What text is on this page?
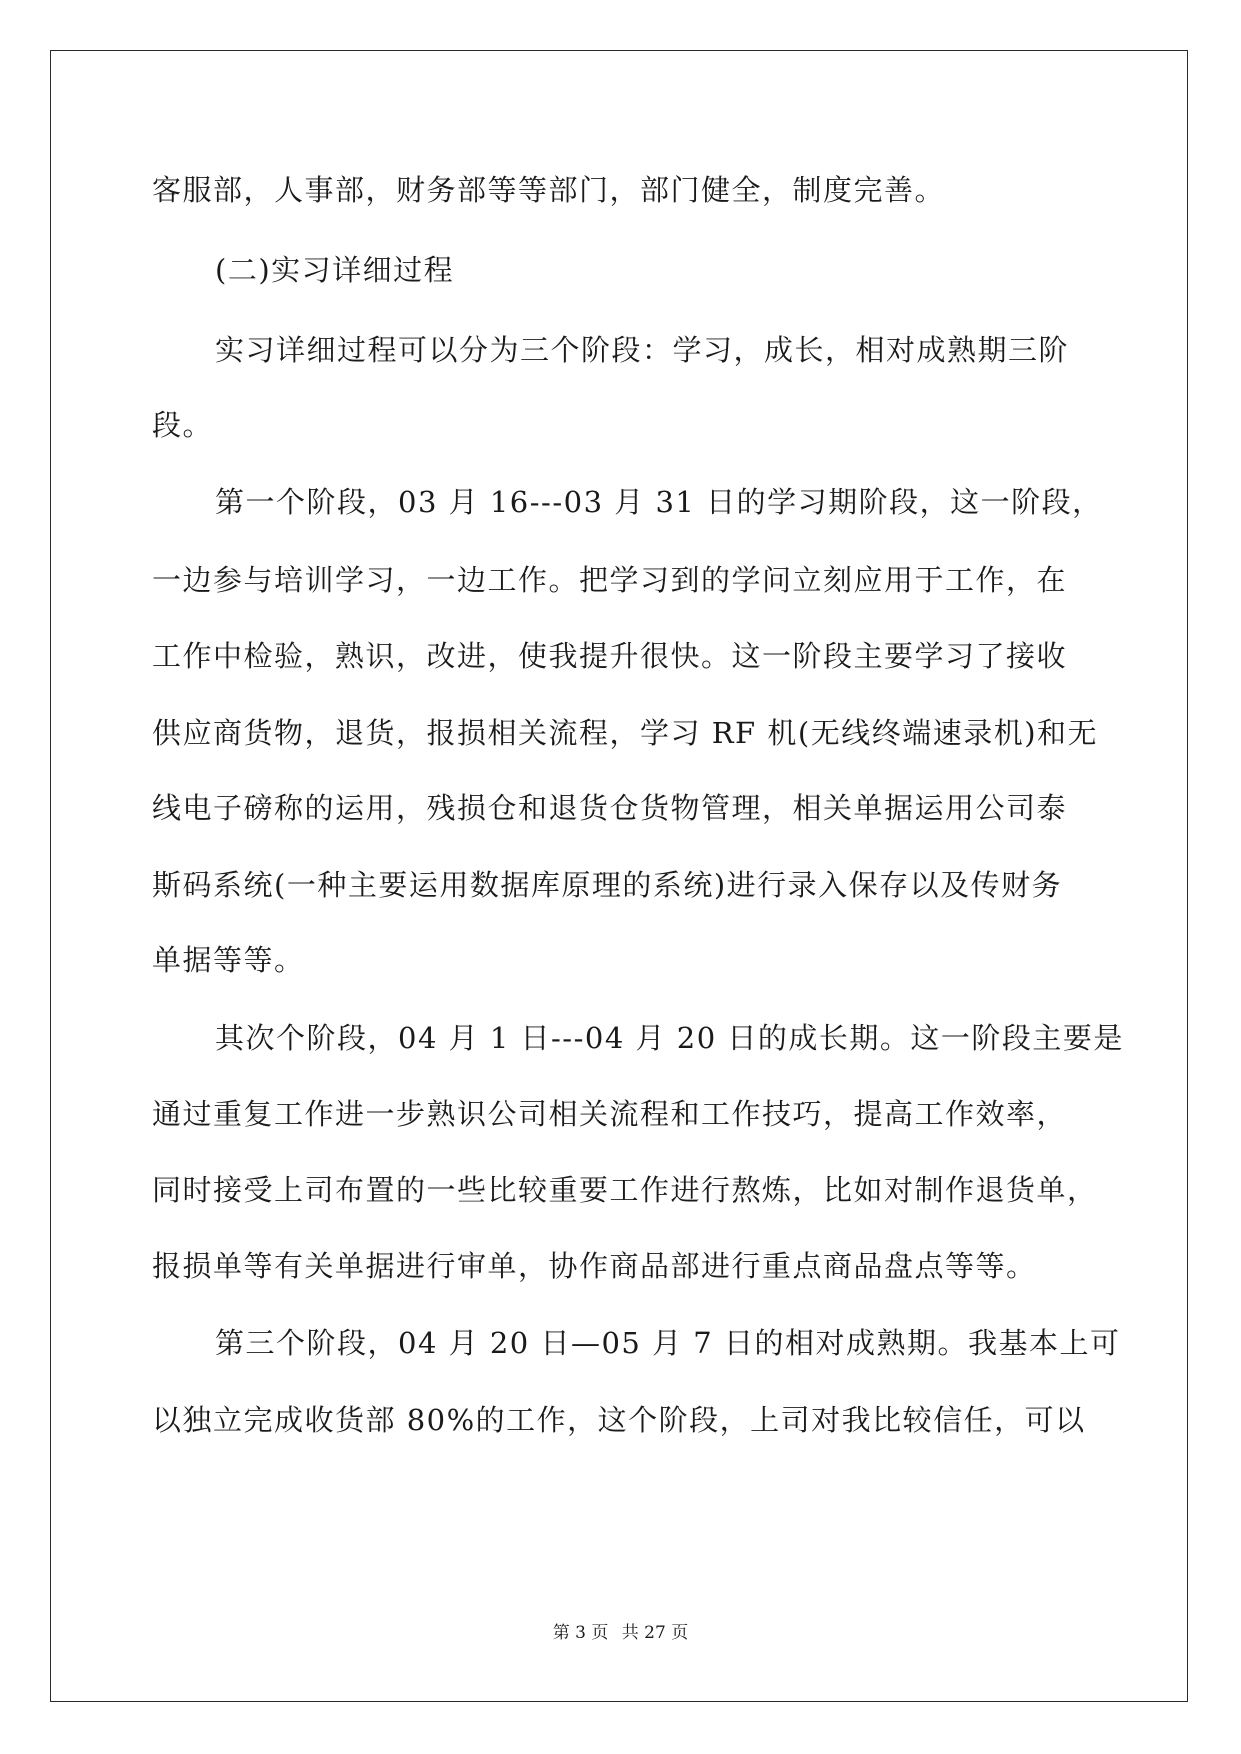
客服部，人事部，财务部等等部门，部门健全，制度完善。
(二)实习详细过程
实习详细过程可以分为三个阶段：学习，成长，相对成熟期三阶
段。
第一个阶段，03 月 16---03 月 31 日的学习期阶段，这一阶段，
一边参与培训学习，一边工作。把学习到的学问立刻应用于工作，在
工作中检验，熟识，改进，使我提升很快。这一阶段主要学习了接收
供应商货物，退货，报损相关流程，学习 RF 机(无线终端速录机)和无
线电子磅称的运用，残损仓和退货仓货物管理，相关单据运用公司泰
斯码系统(一种主要运用数据库原理的系统)进行录入保存以及传财务
单据等等。
其次个阶段，04 月 1 日---04 月 20 日的成长期。这一阶段主要是
通过重复工作进一步熟识公司相关流程和工作技巧，提高工作效率，
同时接受上司布置的一些比较重要工作进行熬炼，比如对制作退货单，
报损单等有关单据进行审单，协作商品部进行重点商品盘点等等。
第三个阶段，04 月 20 日—05 月 7 日的相对成熟期。我基本上可
以独立完成收货部 80%的工作，这个阶段，上司对我比较信任，可以
第 3 页 共 27 页
